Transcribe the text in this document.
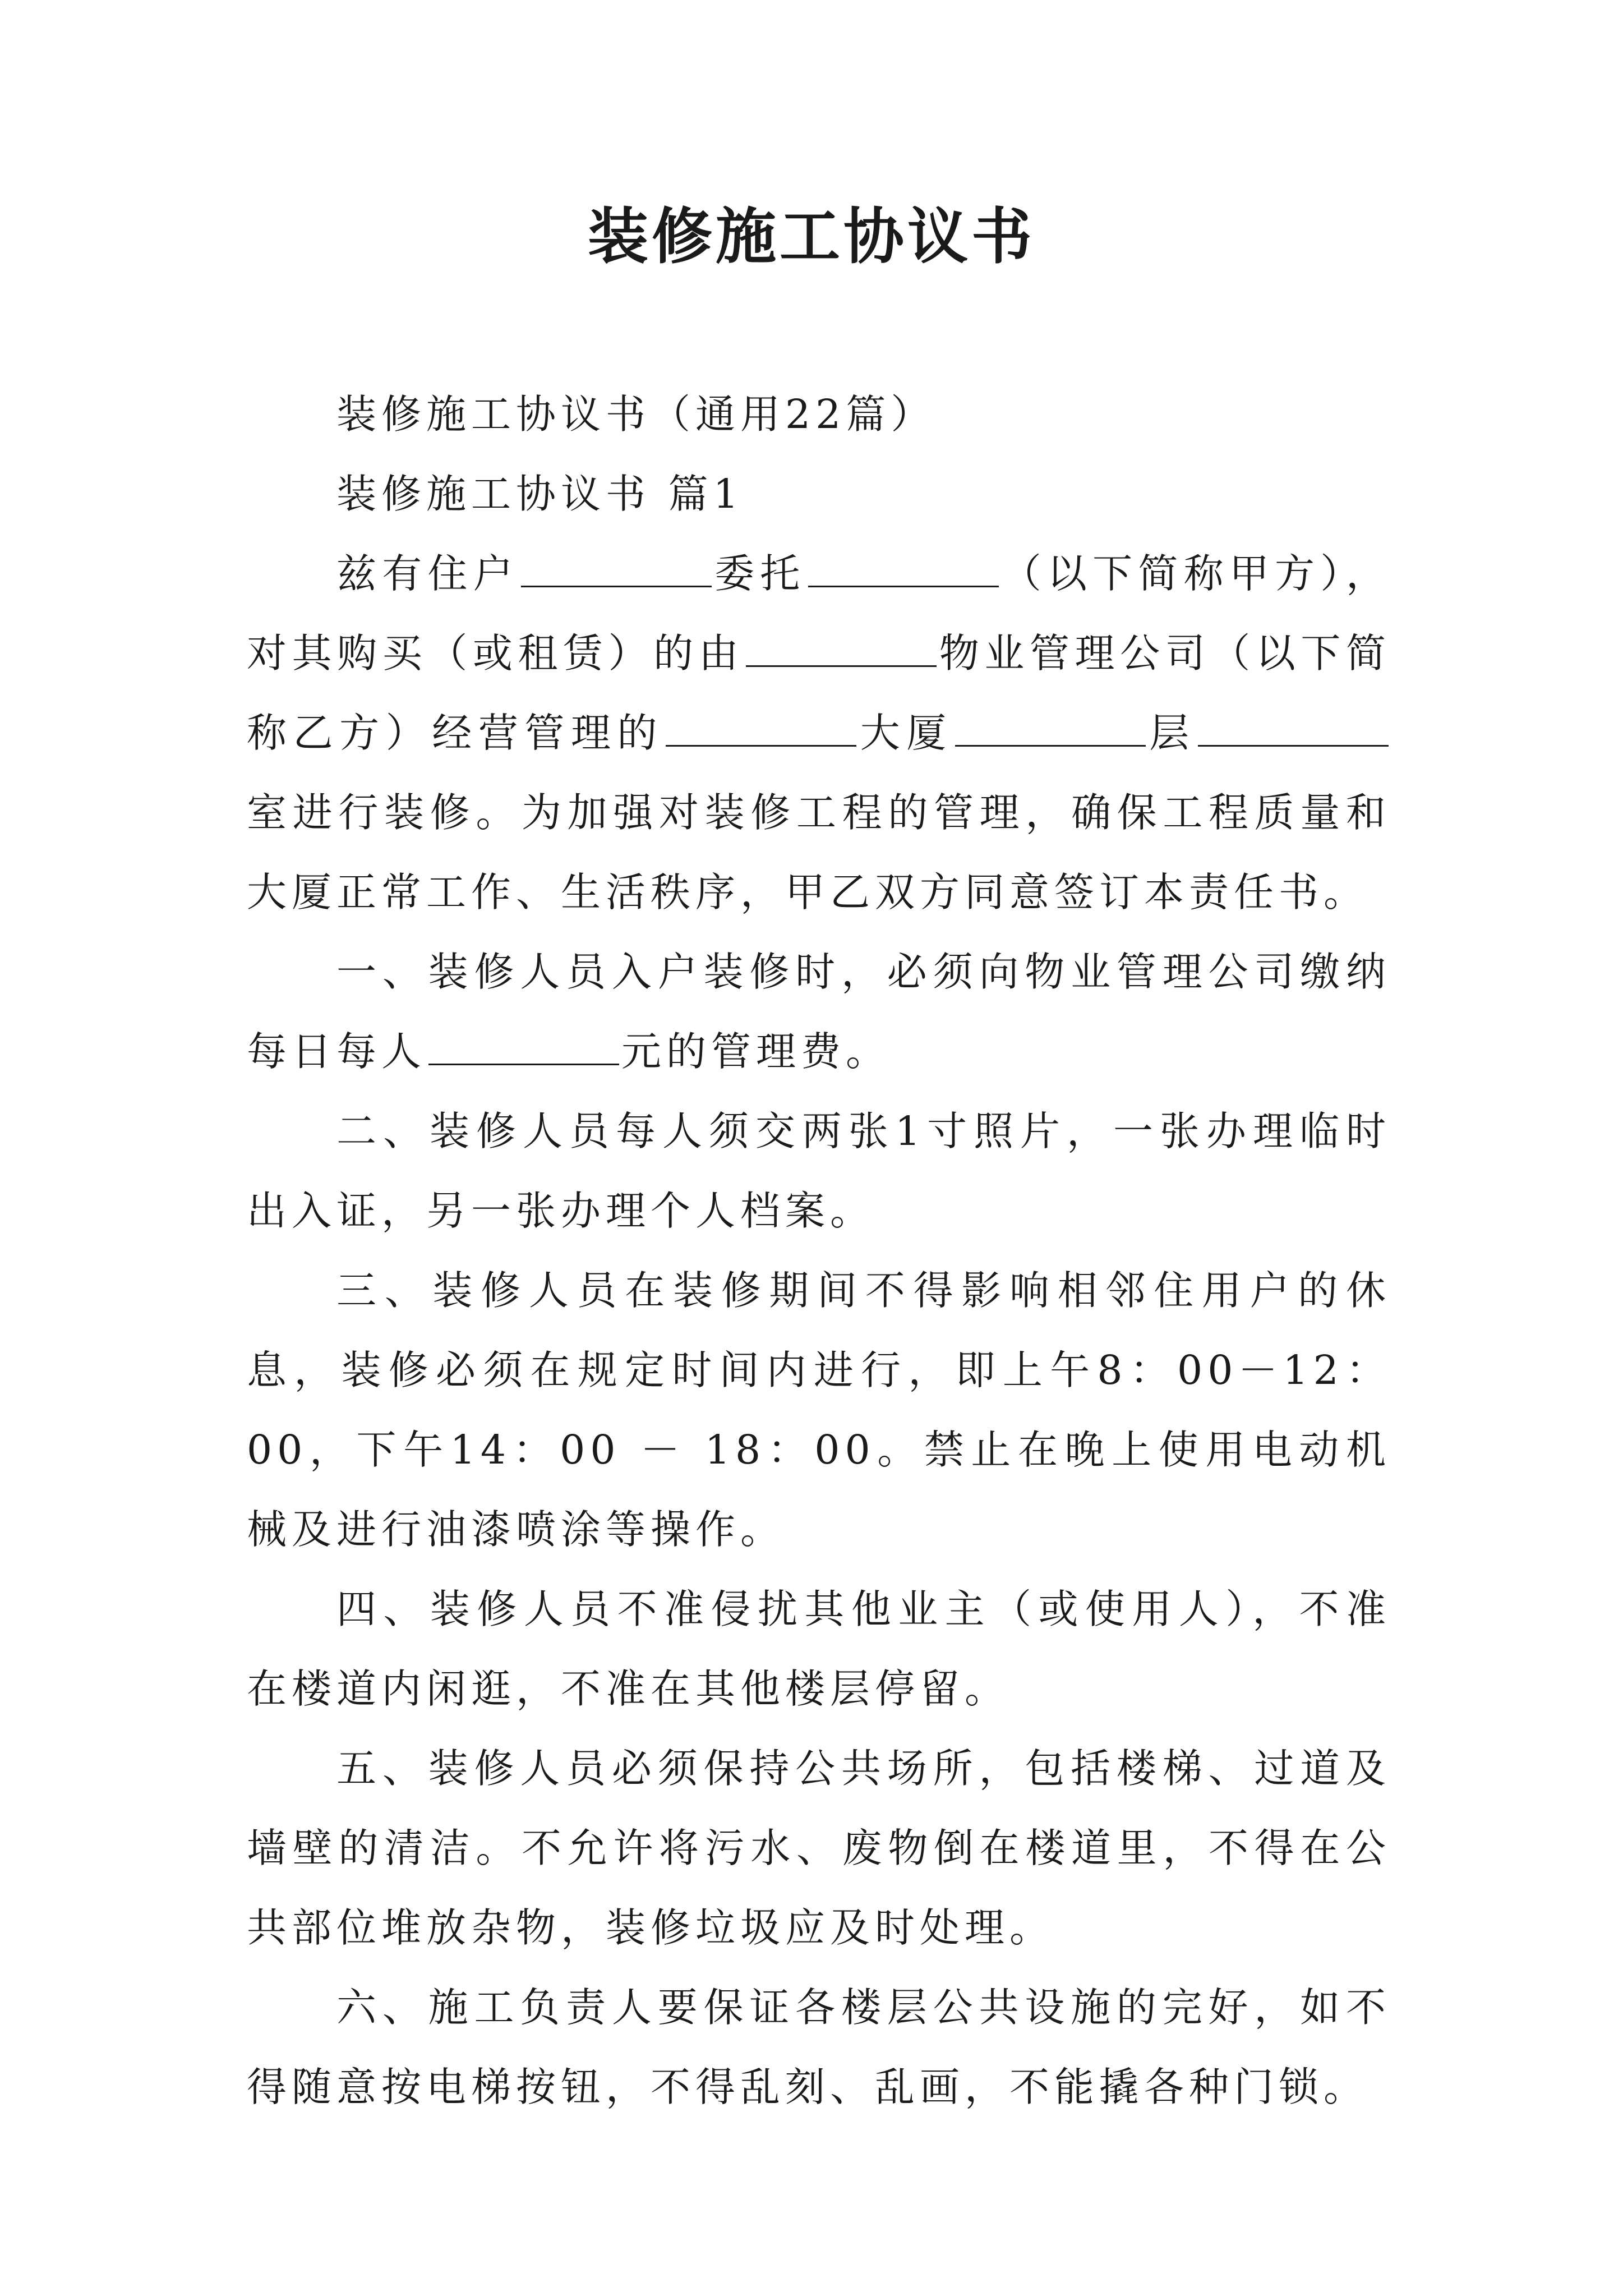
装修施工协议书

装修施工协议书（通用22篇）

装修施工协议书 篇1

兹有住户	委托	（以下简称甲方），对其购买（或租赁）的由	物业管理公司（以下简称乙方）经营管理的	大厦	层室进行装修。为加强对装修工程的管理，确保工程质量和大厦正常工作、生活秩序，甲乙双方同意签订本责任书。

一、装修人员入户装修时，必须向物业管理公司缴纳每日每人	元的管理费。

二、装修人员每人须交两张1寸照片，一张办理临时出入证，另一张办理个人档案。

三、装修人员在装修期间不得影响相邻住用户的休息，装修必须在规定时间内进行，即上午8：00－12：00，下午14：00 － 18：00。禁止在晚上使用电动机械及进行油漆喷涂等操作。

四、装修人员不准侵扰其他业主（或使用人），不准在楼道内闲逛，不准在其他楼层停留。

五、装修人员必须保持公共场所，包括楼梯、过道及墙壁的清洁。不允许将污水、废物倒在楼道里，不得在公共部位堆放杂物，装修垃圾应及时处理。

六、施工负责人要保证各楼层公共设施的完好，如不得随意按电梯按钮，不得乱刻、乱画，不能撬各种门锁。
